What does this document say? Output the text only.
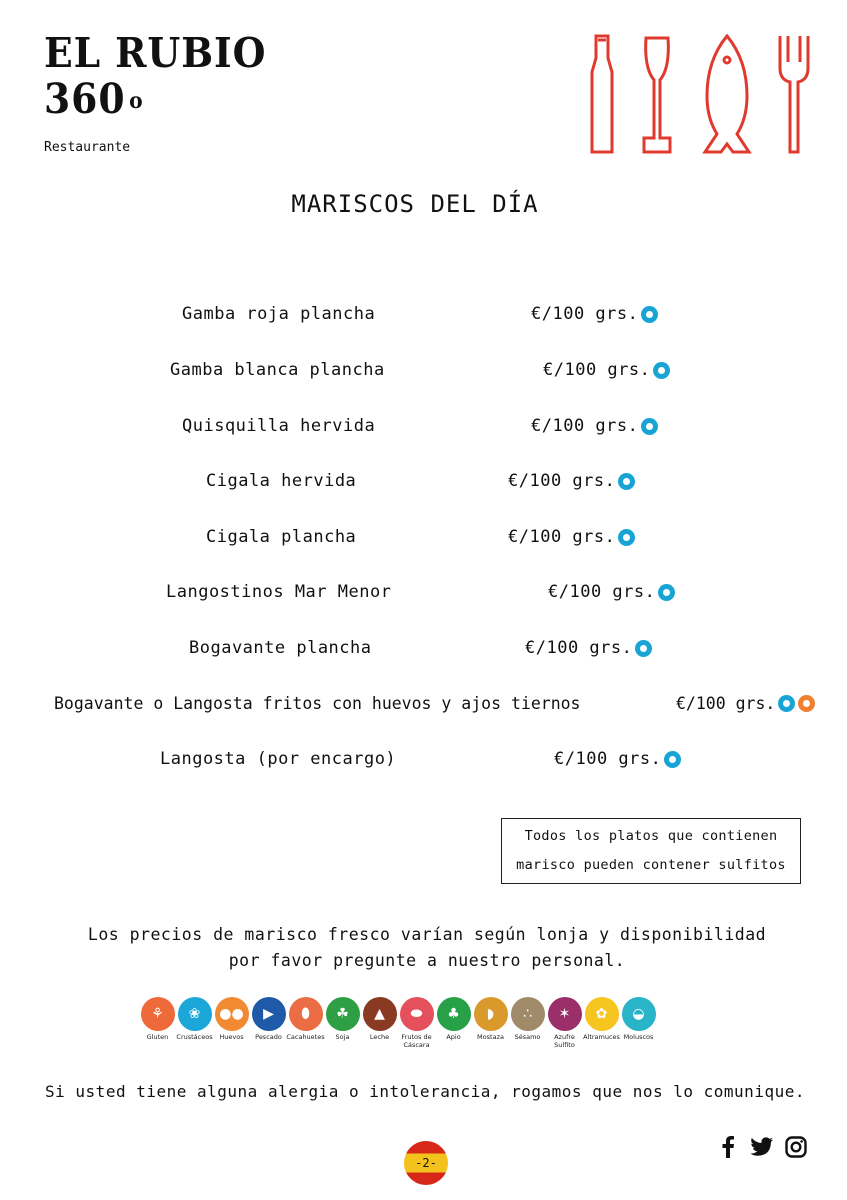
EL RUBIO
360 $^o$
Restaurante
MARISCOS DEL DÍA
Gamba roja plancha	€/100 grs.
Gamba blanca plancha	€/100 grs.
Quisquilla hervida	€/100 grs.
Cigala hervida	€/100 grs.
Cigala plancha	€/100 grs.
Langostinos Mar Menor	€/100 grs.
Bogavante plancha	€/100 grs.
Bogavante o Langosta fritos con huevos y ajos tiernos	€/100 grs.
Langosta (por encargo)	€/100 grs.
Todos los platos que contienen
marisco pueden contener sulfitos
Los precios de marisco fresco varían según lonja y disponibilidad
por favor pregunte a nuestro personal.
⚘
Gluten
❀
Crustáceos
●●
Huevos
▶
Pescado
⬮
Cacahuetes
☘
Soja
▲
Leche
⬬
Frutos de Cáscara
♣
Apio
◗
Mostaza
∴
Sésamo
✶
Azufre Sulfito
✿
Altramuces
◒
Moluscos
Si usted tiene alguna alergia o intolerancia, rogamos que nos lo comunique.
-2-
